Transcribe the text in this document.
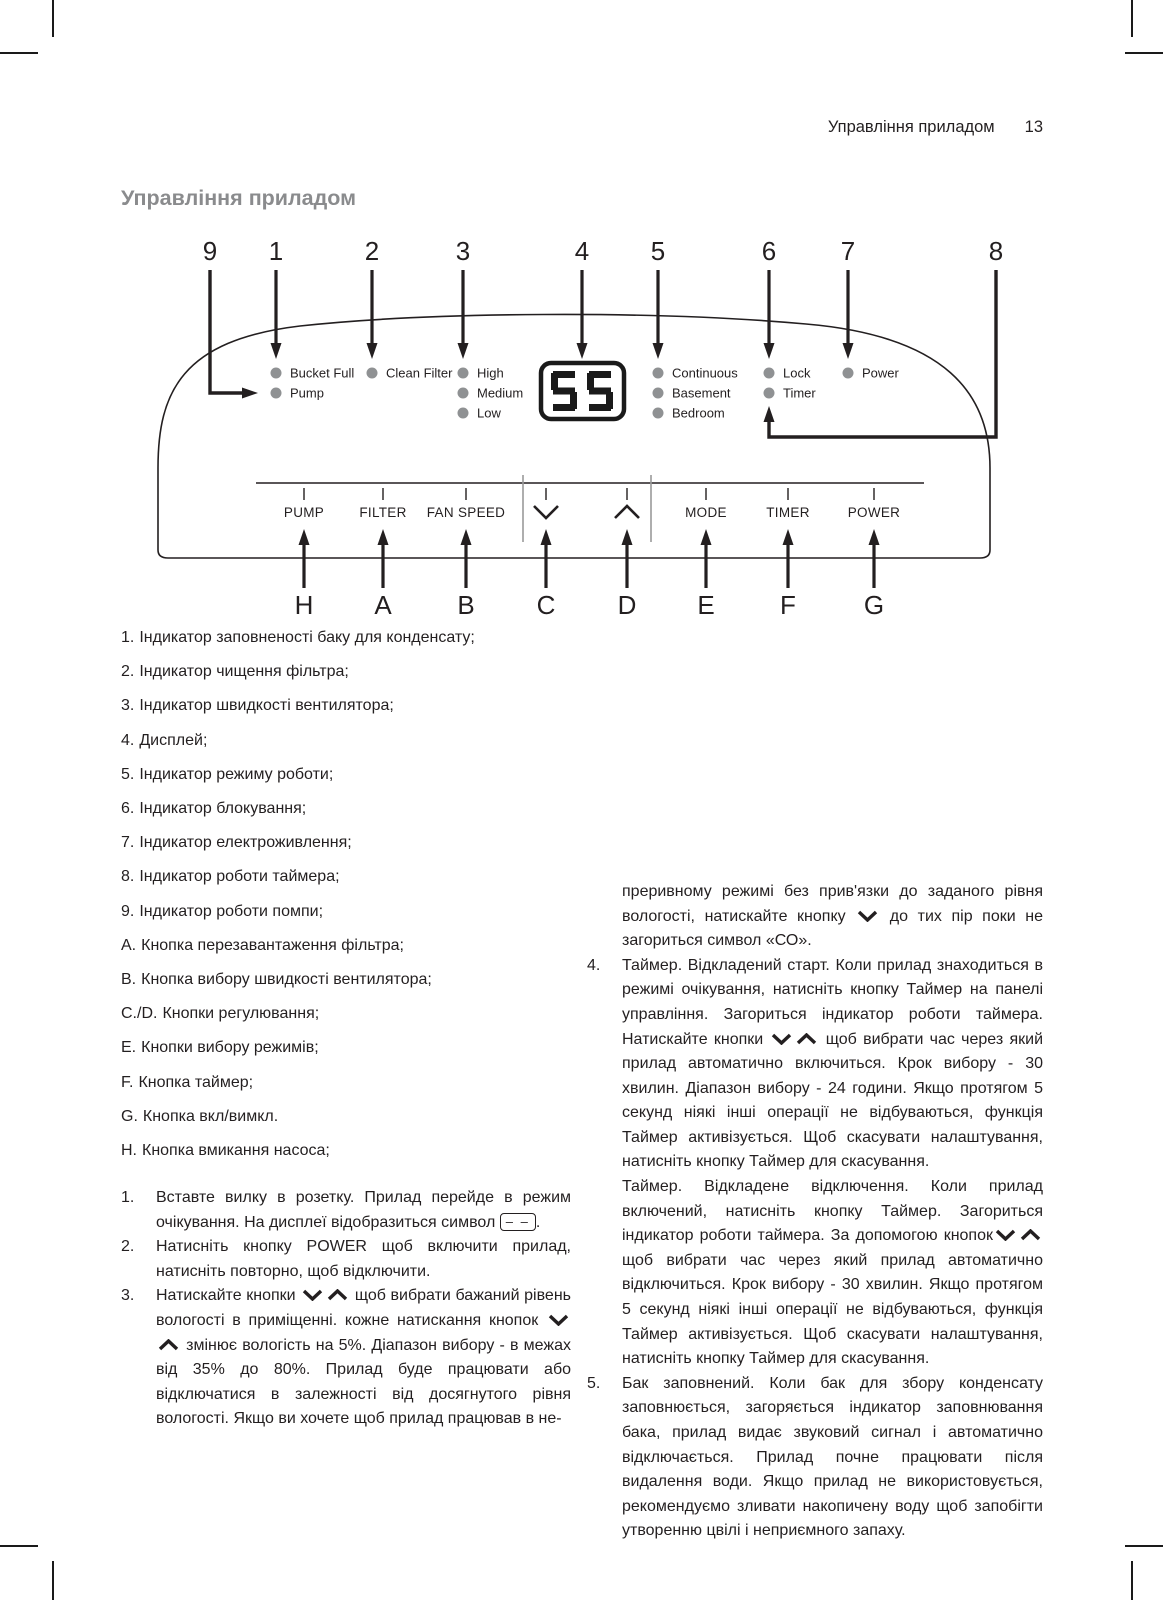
Управління приладом 13
Управління приладом
9 1	2	3	4 5	6 7	8
Bucket Full
Pump
Clean Filter High
Medium
Low
Continuous
Basement
Bedroom
Lock
Timer
Power
PUMP	FILTER FAN SPEED	MODE	TIMER	POWER
H A	B C D E	F	G
1. Індикатор заповненості баку для конденсату;
2. Індикатор чищення фільтра;
3. Індикатор швидкості вентилятора;
4. Дисплей;
5. Індикатор режиму роботи;
6. Індикатор блокування;
7. Індикатор електроживлення;
8. Індикатор роботи таймера;
9. Індикатор роботи помпи;
A. Кнопка перезавантаження фільтра;
B. Кнопка вибору швидкості вентилятора;
C./D. Кнопки регулювання;
E. Кнопки вибору режимів;
F. Кнопка таймер;
G. Кнопка вкл/вимкл.
H. Кнопка вмикання насоса;
1. Вставте вилку в розетку. Прилад перейде в режим очікування. На дисплеї відобразиться символ – – .
2. Натисніть кнопку POWER щоб включити прилад, натисніть повторно, щоб відключити.
3. Натискайте кнопки	щоб вибрати бажаний рівень вологості в приміщенні. кожне натискання кнопок
змінює вологість на 5%. Діапазон вибору - в межах від 35% до 80%. Прилад буде працювати або відключатися в залежності від досягнутого рівня вологості. Якщо ви хочете щоб прилад працював в не-
преривному режимі без прив'язки до заданого рівня вологості, натискайте кнопку
до тих пір поки не загориться символ «СО».
4. Таймер. Відкладений старт. Коли прилад знаходиться в режимі очікування, натисніть кнопку Таймер на панелі управління. Загориться індикатор роботи таймера. Натискайте кнопки	щоб вибрати час через який прилад автоматично включиться. Крок вибору - 30 хвилин. Діапазон вибору - 24 години. Якщо протягом 5 секунд ніякі інші операції не відбуваються, функція Таймер активізується. Щоб скасувати налаштування, натисніть кнопку Таймер для скасування.
Таймер. Відкладене відключення. Коли прилад включений, натисніть кнопку Таймер. Загориться індикатор роботи таймера. За допомогою кнопок
щоб вибрати час через який прилад автоматично відключиться. Крок вибору - 30 хвилин. Якщо протягом 5 секунд ніякі інші операції не відбуваються, функція Таймер активізується. Щоб скасувати налаштування, натисніть кнопку Таймер для скасування.
5. Бак заповнений. Коли бак для збору конденсату заповнюється, загоряється індикатор заповнювання бака, прилад видає звуковий сигнал і автоматично відключається. Прилад почне працювати після видалення води. Якщо прилад не використовується, рекомендуємо зливати накопичену воду щоб запобігти утворенню цвілі і неприємного запаху.
